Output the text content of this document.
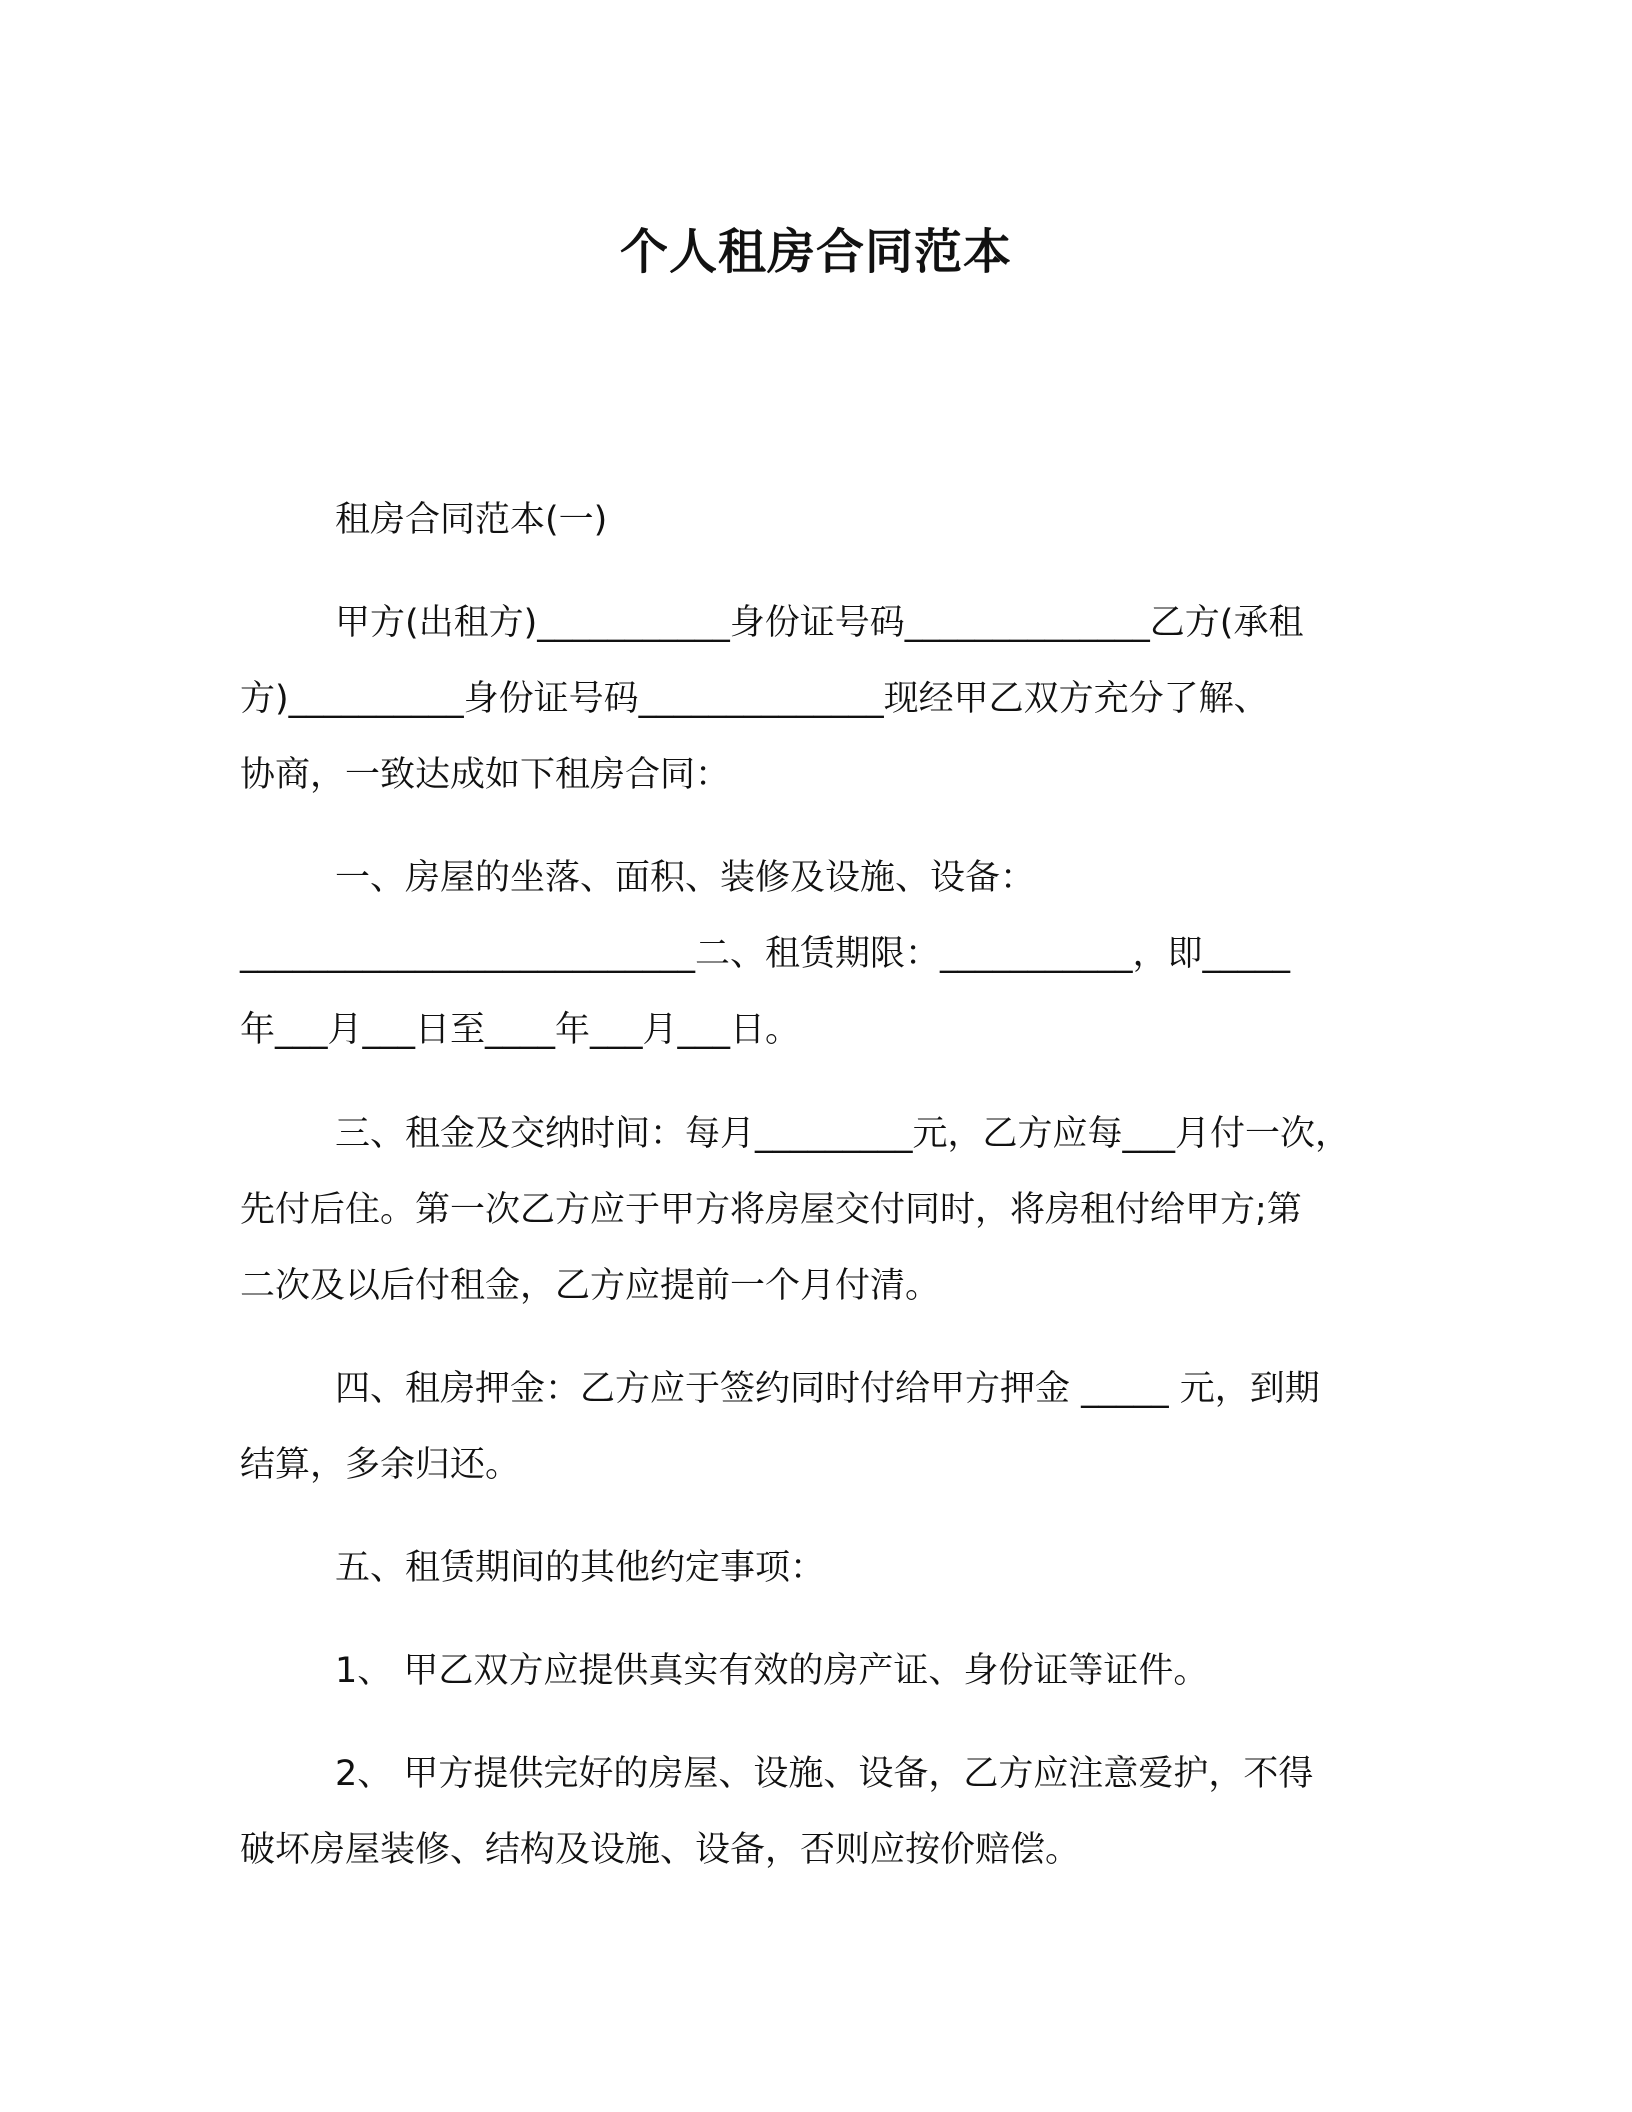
个人租房合同范本
租房合同范本(一)
甲方(出租方)___________身份证号码______________乙方(承租
方)__________身份证号码______________现经甲乙双方充分了解、
协商，一致达成如下租房合同：
一、房屋的坐落、面积、装修及设施、设备：
__________________________二、租赁期限：___________，即_____
年___月___日至____年___月___日。
三、租金及交纳时间：每月_________元，乙方应每___月付一次，
先付后住。第一次乙方应于甲方将房屋交付同时，将房租付给甲方;第
二次及以后付租金，乙方应提前一个月付清。
四、租房押金：乙方应于签约同时付给甲方押金 _____ 元，到期
结算，多余归还。
五、租赁期间的其他约定事项：
1、 甲乙双方应提供真实有效的房产证、身份证等证件。
2、 甲方提供完好的房屋、设施、设备，乙方应注意爱护，不得
破坏房屋装修、结构及设施、设备，否则应按价赔偿。
